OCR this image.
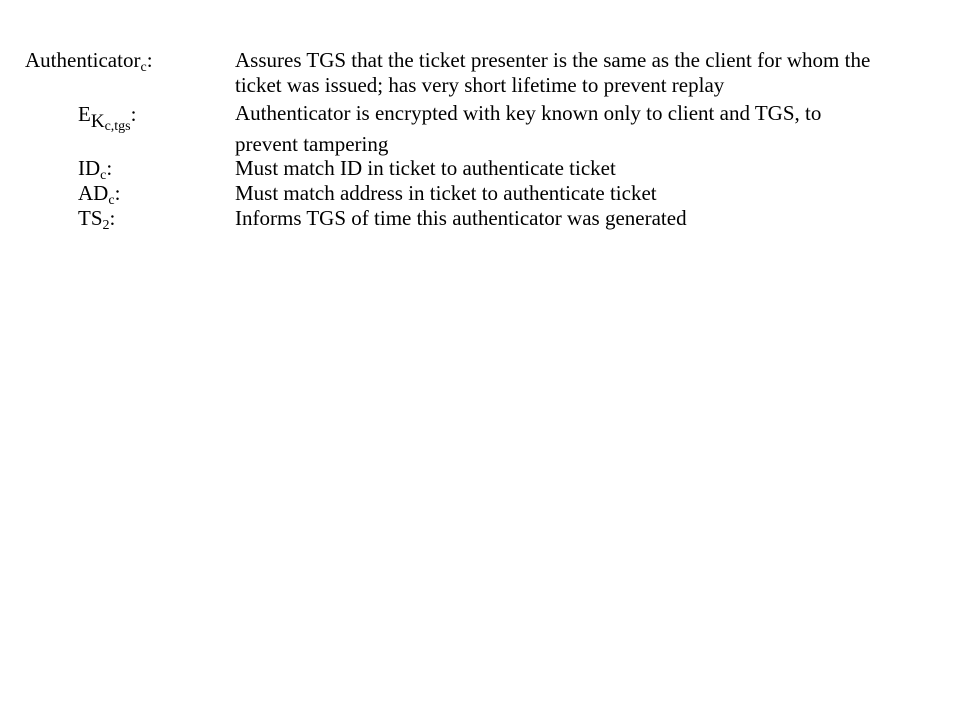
Authenticator$_c$:	Assures TGS that the ticket presenter is the same as the client for whom the
ticket was issued; has very short lifetime to prevent replay
$E_{K_{c,tgs}}$:	Authenticator is encrypted with key known only to client and TGS, to
prevent tampering
$ID_c$:	Must match ID in ticket to authenticate ticket
$AD_c$:	Must match address in ticket to authenticate ticket
$TS_2$:	Informs TGS of time this authenticator was generated
